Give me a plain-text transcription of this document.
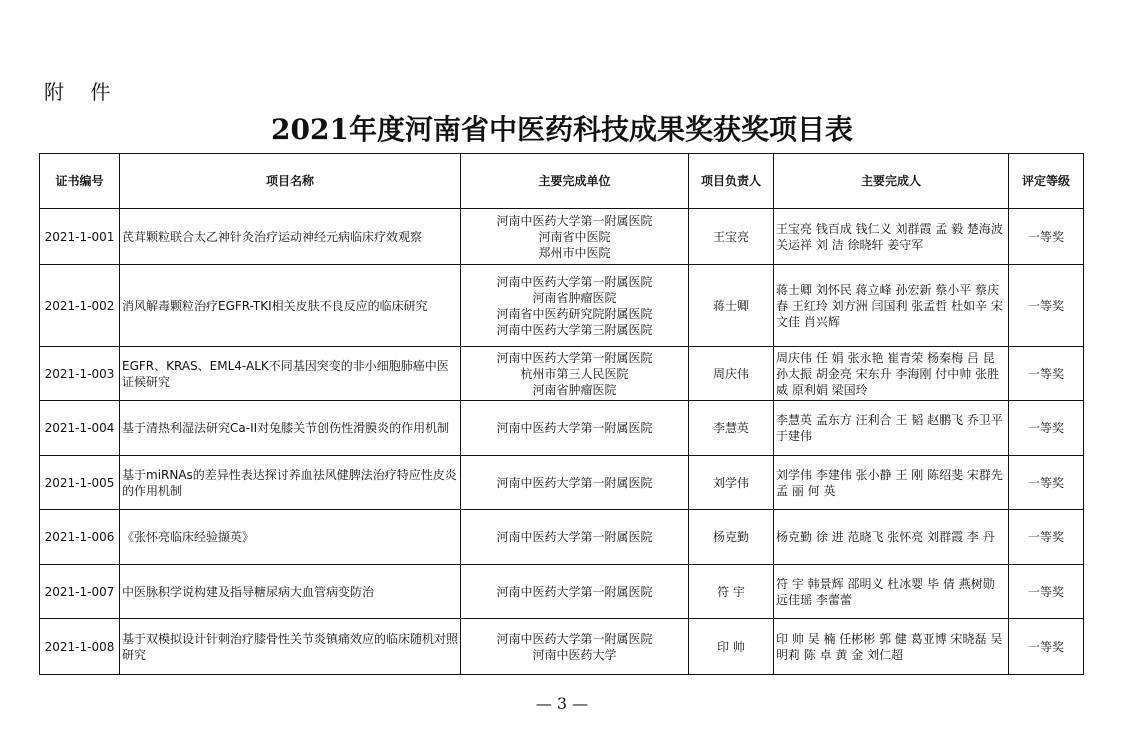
附 件
2021年度河南省中医药科技成果奖获奖项目表
证书编号	项目名称	主要完成单位	项目负责人	主要完成人	评定等级
2021-1-001	芪茸颗粒联合太乙神针灸治疗运动神经元病临床疗效观察	河南中医药大学第一附属医院
河南省中医院
郑州市中医院	王宝亮	王宝亮 钱百成 钱仁义 刘群霞 孟 毅 楚海波 关运祥 刘 洁 徐晓轩 姜守军	一等奖
2021-1-002	消风解毒颗粒治疗EGFR-TKI相关皮肤不良反应的临床研究	河南中医药大学第一附属医院
河南省肿瘤医院
河南省中医药研究院附属医院
河南中医药大学第三附属医院	蒋士卿	蒋士卿 刘怀民 蒋立峰 孙宏新 蔡小平 蔡庆春 王红玲 刘方洲 闫国利 张孟哲 杜如辛 宋文佳 肖兴辉	一等奖
2021-1-003	EGFR、KRAS、EML4-ALK不同基因突变的非小细胞肺癌中医证候研究	河南中医药大学第一附属医院
杭州市第三人民医院
河南省肿瘤医院	周庆伟	周庆伟 任 娟 张永艳 崔青荣 杨秦梅 吕 昆 孙太振 胡金亮 宋东升 李海刚 付中帅 张胜威 原利娟 梁国玲	一等奖
2021-1-004	基于清热利湿法研究Ca-II对兔膝关节创伤性滑膜炎的作用机制	河南中医药大学第一附属医院	李慧英	李慧英 孟东方 汪利合 王 韬 赵鹏飞 乔卫平 于建伟	一等奖
2021-1-005	基于miRNAs的差异性表达探讨养血祛风健脾法治疗特应性皮炎的作用机制	河南中医药大学第一附属医院	刘学伟	刘学伟 李建伟 张小静 王 刚 陈绍斐 宋群先 孟 丽 何 英	一等奖
2021-1-006	《张怀亮临床经验撷英》	河南中医药大学第一附属医院	杨克勤	杨克勤 徐 进 范晓飞 张怀亮 刘群霞 李 丹	一等奖
2021-1-007	中医脉积学说构建及指导糖尿病大血管病变防治	河南中医药大学第一附属医院	符 宇	符 宇 韩景辉 邵明义 杜冰婴 毕 倩 燕树勋 远佳瑶 李蕾蕾	一等奖
2021-1-008	基于双模拟设计针刺治疗膝骨性关节炎镇痛效应的临床随机对照研究	河南中医药大学第一附属医院
河南中医药大学	印 帅	印 帅 吴 楠 任彬彬 郭 健 葛亚博 宋晓磊 吴明莉 陈 卓 黄 金 刘仁超	一等奖
— 3 —
